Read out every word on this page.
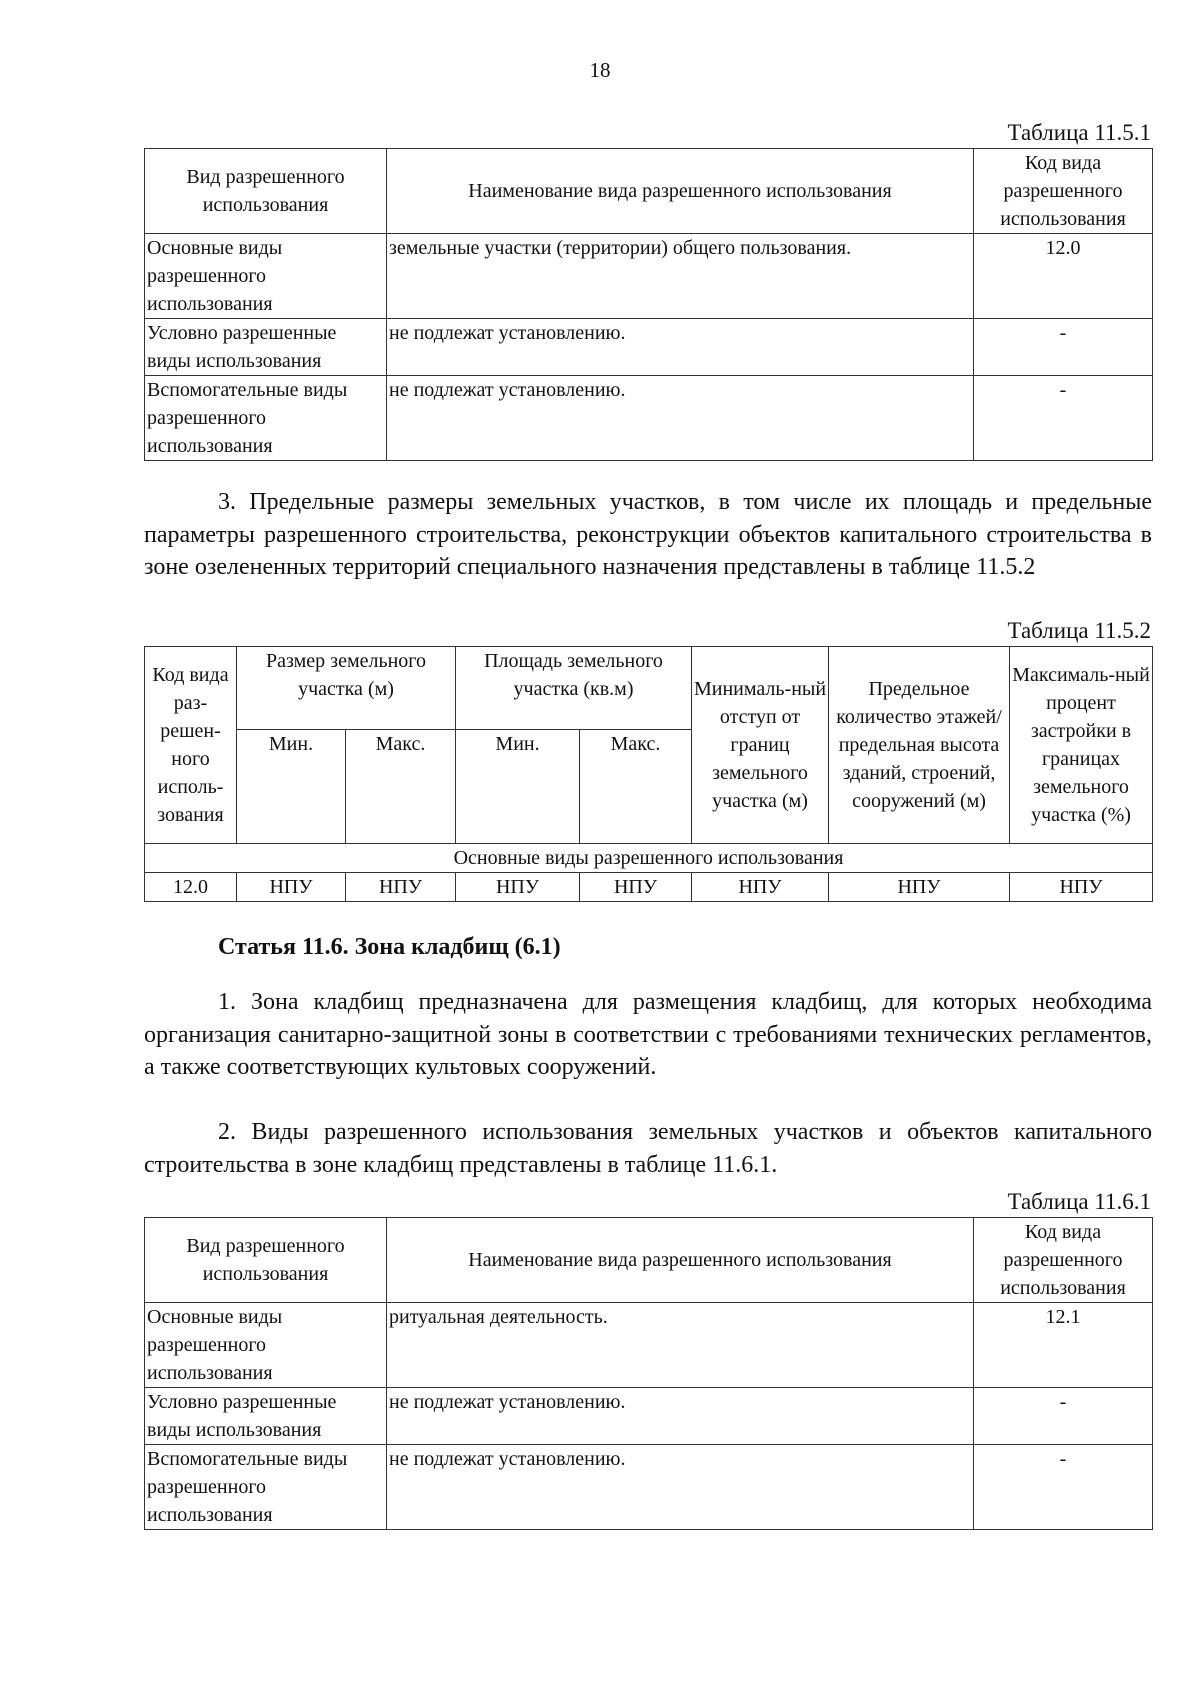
18
Таблица 11.5.1
Вид разрешенного использования	Наименование вида разрешенного использования	Код вида разрешенного использования
Основные виды разрешенного использования	земельные участки (территории) общего пользования.	12.0
Условно разрешенные виды использования	не подлежат установлению.	-
Вспомогательные виды разрешенного использования	не подлежат установлению.	-

3. Предельные размеры земельных участков, в том числе их площадь и предельные параметры разрешенного строительства, реконструкции объектов капитального строительства в зоне озелененных территорий специального назначения представлены в таблице 11.5.2

Таблица 11.5.2
Код вида раз-решен-ного исполь-зования	Размер земельного участка (м)		Площадь земельного участка (кв.м)		Минималь-ный отступ от границ земельного участка (м)	Предельное количество этажей/ предельная высота зданий, строений, сооружений (м)	Максималь-ный процент застройки в границах земельного участка (%)
	Мин.	Макс.	Мин.	Макс.			
Основные виды разрешенного использования							
12.0	НПУ	НПУ	НПУ	НПУ	НПУ	НПУ	НПУ
Статья 11.6. Зона кладбищ (6.1)

1. Зона кладбищ предназначена для размещения кладбищ, для которых необходима организация санитарно-защитной зоны в соответствии с требованиями технических регламентов, а также соответствующих культовых сооружений.

2. Виды разрешенного использования земельных участков и объектов капитального строительства в зоне кладбищ представлены в таблице 11.6.1.

Таблица 11.6.1
Вид разрешенного использования	Наименование вида разрешенного использования	Код вида разрешенного использования
Основные виды разрешенного использования	ритуальная деятельность.	12.1
Условно разрешенные виды использования	не подлежат установлению.	-
Вспомогательные виды разрешенного использования	не подлежат установлению.	-
